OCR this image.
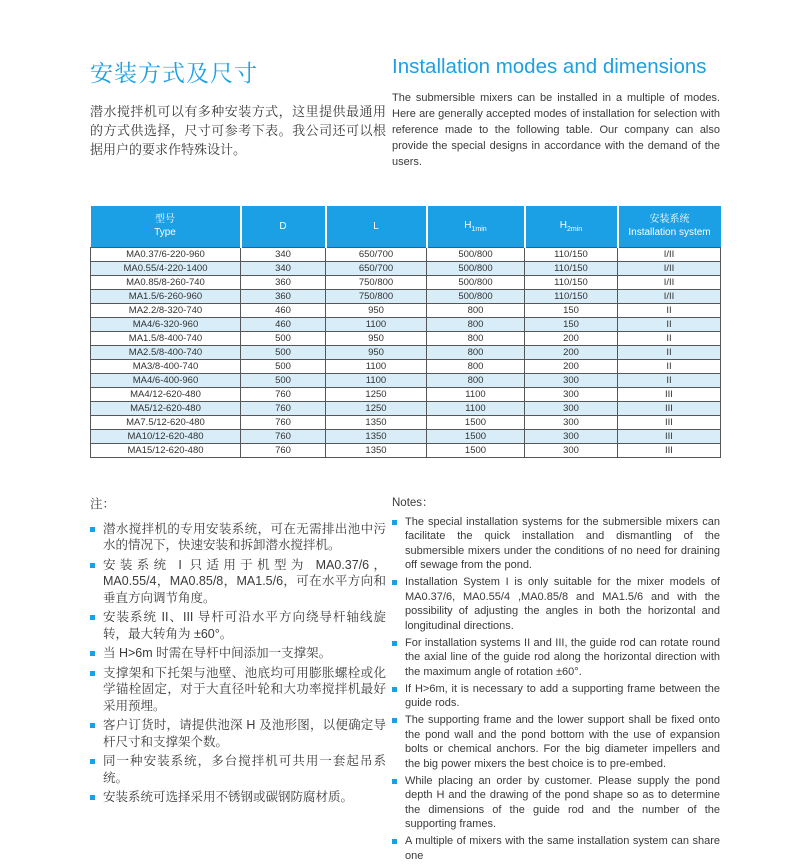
安装方式及尺寸
潜水搅拌机可以有多种安装方式，这里提供最通用的方式供选择，尺寸可参考下表。我公司还可以根据用户的要求作特殊设计。
Installation modes and dimensions
The submersible mixers can be installed in a multiple of modes. Here are generally accepted modes of installation for selection with reference made to the following table. Our company can also provide the special designs in accordance with the demand of the users.
型号
Type	D	L	$H_{1min}$	$H_{2min}$	安装系统
Installation system

MA0.37/6-220-960	340	650/700	500/800	110/150	I/II
MA0.55/4-220-1400	340	650/700	500/800	110/150	I/II
MA0.85/8-260-740	360	750/800	500/800	110/150	I/II
MA1.5/6-260-960	360	750/800	500/800	110/150	I/II
MA2.2/8-320-740	460	950	800	150	II
MA4/6-320-960	460	1100	800	150	II
MA1.5/8-400-740	500	950	800	200	II
MA2.5/8-400-740	500	950	800	200	II
MA3/8-400-740	500	1100	800	200	II
MA4/6-400-960	500	1100	800	300	II
MA4/12-620-480	760	1250	1100	300	III
MA5/12-620-480	760	1250	1100	300	III
MA7.5/12-620-480	760	1350	1500	300	III
MA10/12-620-480	760	1350	1500	300	III
MA15/12-620-480	760	1350	1500	300	III
注：
潜水搅拌机的专用安装系统，可在无需排出池中污水的情况下，快速安装和拆卸潜水搅拌机。
安装系统 I 只适用于机型为 MA0.37/6，MA0.55/4，MA0.85/8，MA1.5/6，可在水平方向和垂直方向调节角度。
安装系统 II、III 导杆可沿水平方向绕导杆轴线旋转，最大转角为 ±60°。
当 H>6m 时需在导杆中间添加一支撑架。
支撑架和下托架与池壁、池底均可用膨胀螺栓或化学锚栓固定，对于大直径叶轮和大功率搅拌机最好采用预埋。
客户订货时，请提供池深 H 及池形图，以便确定导杆尺寸和支撑架个数。
同一种安装系统，多台搅拌机可共用一套起吊系统。
安装系统可选择采用不锈钢或碳钢防腐材质。
Notes：
The special installation systems for the submersible mixers can facilitate the quick installation and dismantling of the submersible mixers under the conditions of no need for draining off sewage from the pond.
Installation System I is only suitable for the mixer models of MA0.37/6, MA0.55/4 ,MA0.85/8 and MA1.5/6 and with the possibility of adjusting the angles in both the horizontal and longitudinal directions.
For installation systems II and III, the guide rod can rotate round the axial line of the guide rod along the horizontal direction with the maximum angle of rotation ±60°.
If H>6m, it is necessary to add a supporting frame between the guide rods.
The supporting frame and the lower support shall be fixed onto the pond wall and the pond bottom with the use of expansion bolts or chemical anchors. For the big diameter impellers and the big power mixers the best choice is to pre-embed.
While placing an order by customer. Please supply the pond depth H and the drawing of the pond shape so as to determine the dimensions of the guide rod and the number of the supporting frames.
A multiple of mixers with the same installation system can share one
